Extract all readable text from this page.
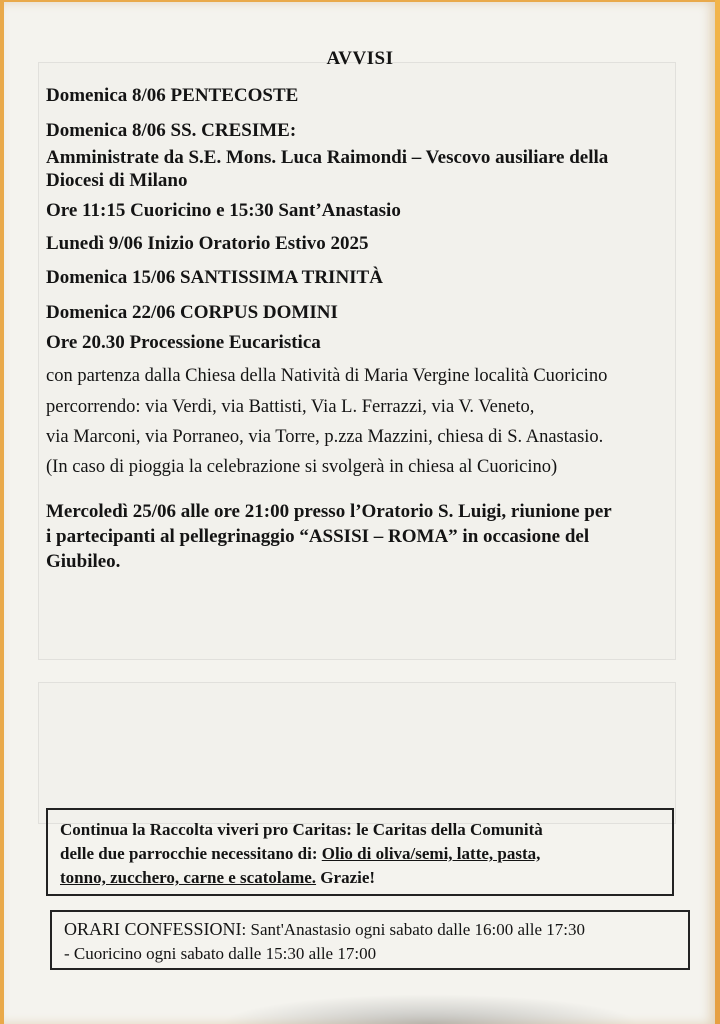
AVVISI
Domenica 8/06 PENTECOSTE
Domenica 8/06 SS. CRESIME:
Amministrate da S.E. Mons. Luca Raimondi – Vescovo ausiliare della
Diocesi di Milano
Ore 11:15 Cuoricino e 15:30 Sant’Anastasio
Lunedì 9/06 Inizio Oratorio Estivo 2025
Domenica 15/06 SANTISSIMA TRINITÀ
Domenica 22/06 CORPUS DOMINI
Ore 20.30 Processione Eucaristica
con partenza dalla Chiesa della Natività di Maria Vergine località Cuoricino
percorrendo: via Verdi, via Battisti, Via L. Ferrazzi, via V. Veneto,
via Marconi, via Porraneo, via Torre, p.zza Mazzini, chiesa di S. Anastasio.
(In caso di pioggia la celebrazione si svolgerà in chiesa al Cuoricino)
Mercoledì 25/06 alle ore 21:00 presso l’Oratorio S. Luigi, riunione per
i partecipanti al pellegrinaggio “ASSISI – ROMA” in occasione del
Giubileo.
Continua la Raccolta viveri pro Caritas: le Caritas della Comunità
delle due parrocchie necessitano di: Olio di oliva/semi, latte, pasta,
tonno, zucchero, carne e scatolame. Grazie!
ORARI CONFESSIONI: Sant'Anastasio ogni sabato dalle 16:00 alle 17:30
- Cuoricino ogni sabato dalle 15:30 alle 17:00
